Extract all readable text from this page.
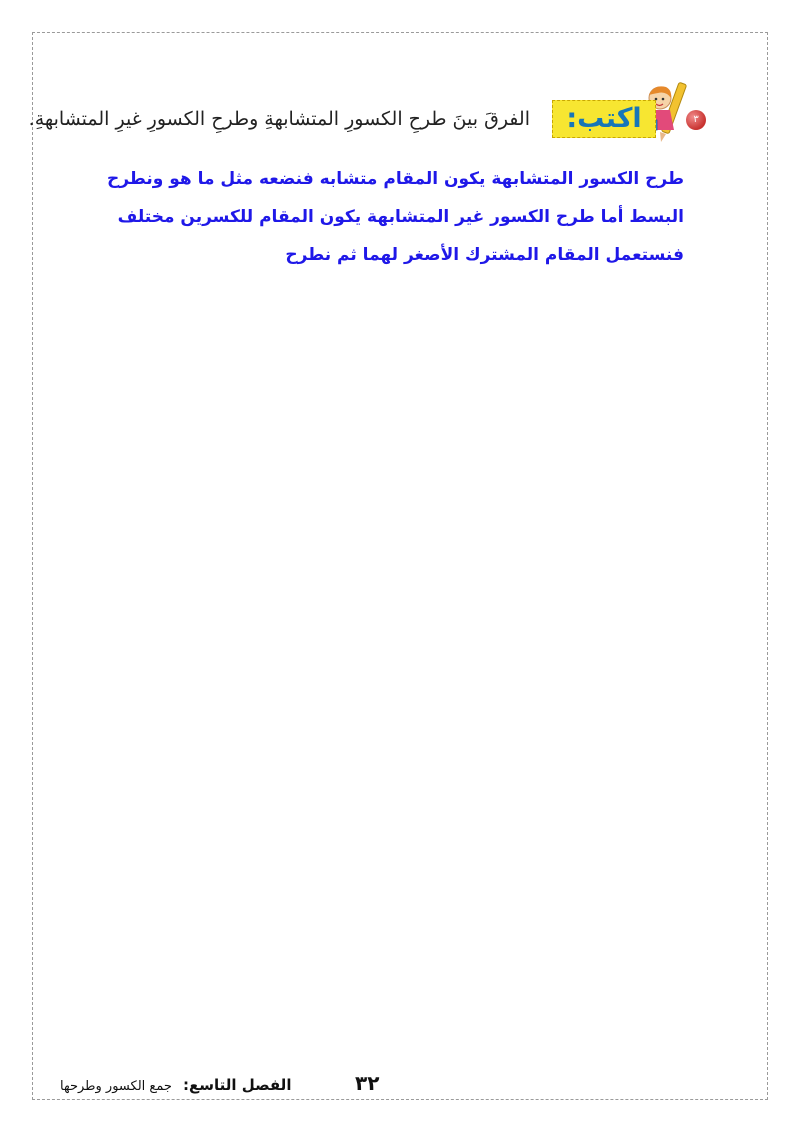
٣
اكتب:
الفرقَ بينَ طرحِ الكسورِ المتشابهةِ وطرحِ الكسورِ غيرِ المتشابهةِ.

طرح الكسور المتشابهة يكون المقام متشابه فنضعه مثل ما هو ونطرح البسط أما طرح الكسور غير المتشابهة يكون المقام للكسرين مختلف فنستعمل المقام المشترك الأصغر لهما ثم نطرح

٣٢
الفصل التاسع: جمع الكسور وطرحها
